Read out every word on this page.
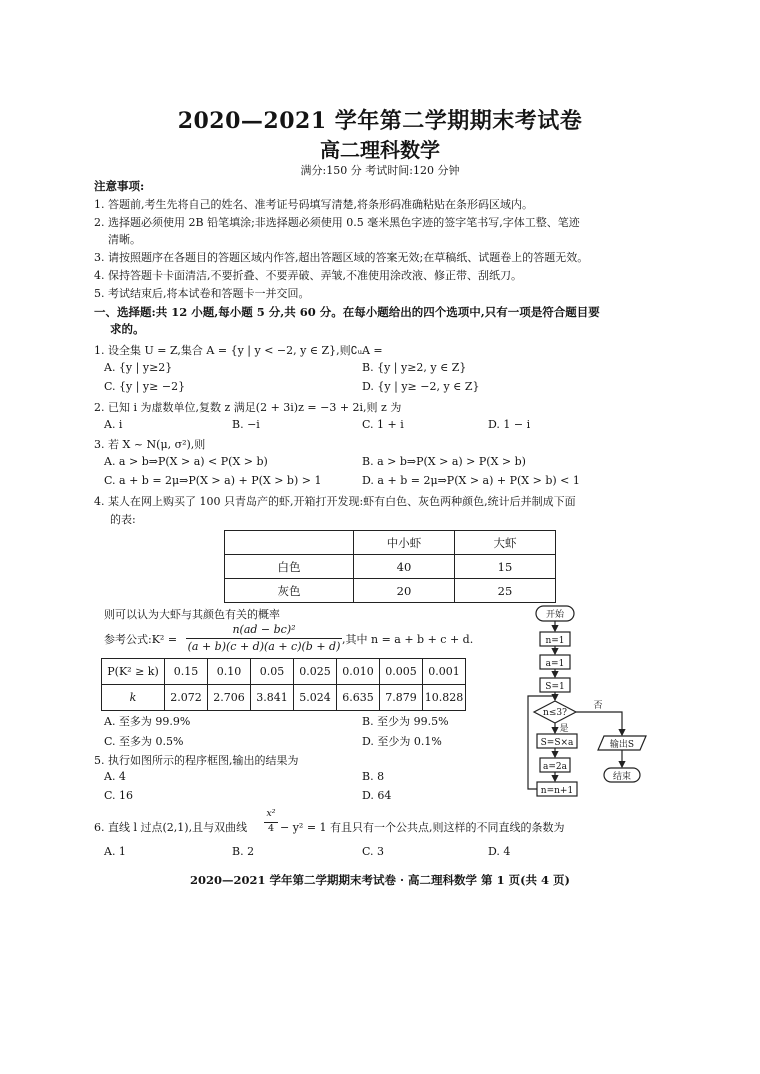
2020—2021 学年第二学期期末考试卷
高二理科数学
满分:150 分 考试时间:120 分钟
注意事项:
1. 答题前,考生先将自己的姓名、准考证号码填写清楚,将条形码准确粘贴在条形码区域内。
2. 选择题必须使用 2B 铅笔填涂;非选择题必须使用 0.5 毫米黑色字迹的签字笔书写,字体工整、笔迹
清晰。
3. 请按照题序在各题目的答题区域内作答,超出答题区域的答案无效;在草稿纸、试题卷上的答题无效。
4. 保持答题卡卡面清洁,不要折叠、不要弄破、弄皱,不准使用涂改液、修正带、刮纸刀。
5. 考试结束后,将本试卷和答题卡一并交回。
一、选择题:共 12 小题,每小题 5 分,共 60 分。在每小题给出的四个选项中,只有一项是符合题目要
求的。
1. 设全集 U = Z,集合 A = {y | y < −2, y ∈ Z},则∁ᵤA =
A. {y | y≥2}	B. {y | y≥2, y ∈ Z}
C. {y | y≥ −2}	D. {y | y≥ −2, y ∈ Z}
2. 已知 i 为虚数单位,复数 z 满足(2 + 3i)z = −3 + 2i,则 z 为
A. i	B. −i	C. 1 + i	D. 1 − i
3. 若 X ~ N(μ, σ²),则
A. a > b⇒P(X > a) < P(X > b)	B. a > b⇒P(X > a) > P(X > b)
C. a + b = 2μ⇒P(X > a) + P(X > b) > 1	D. a + b = 2μ⇒P(X > a) + P(X > b) < 1
4. 某人在网上购买了 100 只青岛产的虾,开箱打开发现:虾有白色、灰色两种颜色,统计后并制成下面
的表:
	中小虾	大虾
白色	40	15
灰色	20	25
则可以认为大虾与其颜色有关的概率
参考公式:K² =
n(ad − bc)²
(a + b)(c + d)(a + c)(b + d)
,其中 n = a + b + c + d.
P(K² ≥ k)	0.15	0.10	0.05	0.025	0.010	0.005	0.001
k	2.072	2.706	3.841	5.024	6.635	7.879	10.828
A. 至多为 99.9%	B. 至少为 99.5%
C. 至多为 0.5%	D. 至少为 0.1%
5. 执行如图所示的程序框图,输出的结果为
A. 4	B. 8
C. 16	D. 64
开始
n=1
a=1
S=1
n≤3?
否
是
S=S×a
a=2a
n=n+1
输出S
结束
6. 直线 l 过点(2,1),且与双曲线
x²
4 − y² = 1 有且只有一个公共点,则这样的不同直线的条数为
A. 1	B. 2	C. 3	D. 4
2020—2021 学年第二学期期末考试卷 · 高二理科数学 第 1 页(共 4 页)
